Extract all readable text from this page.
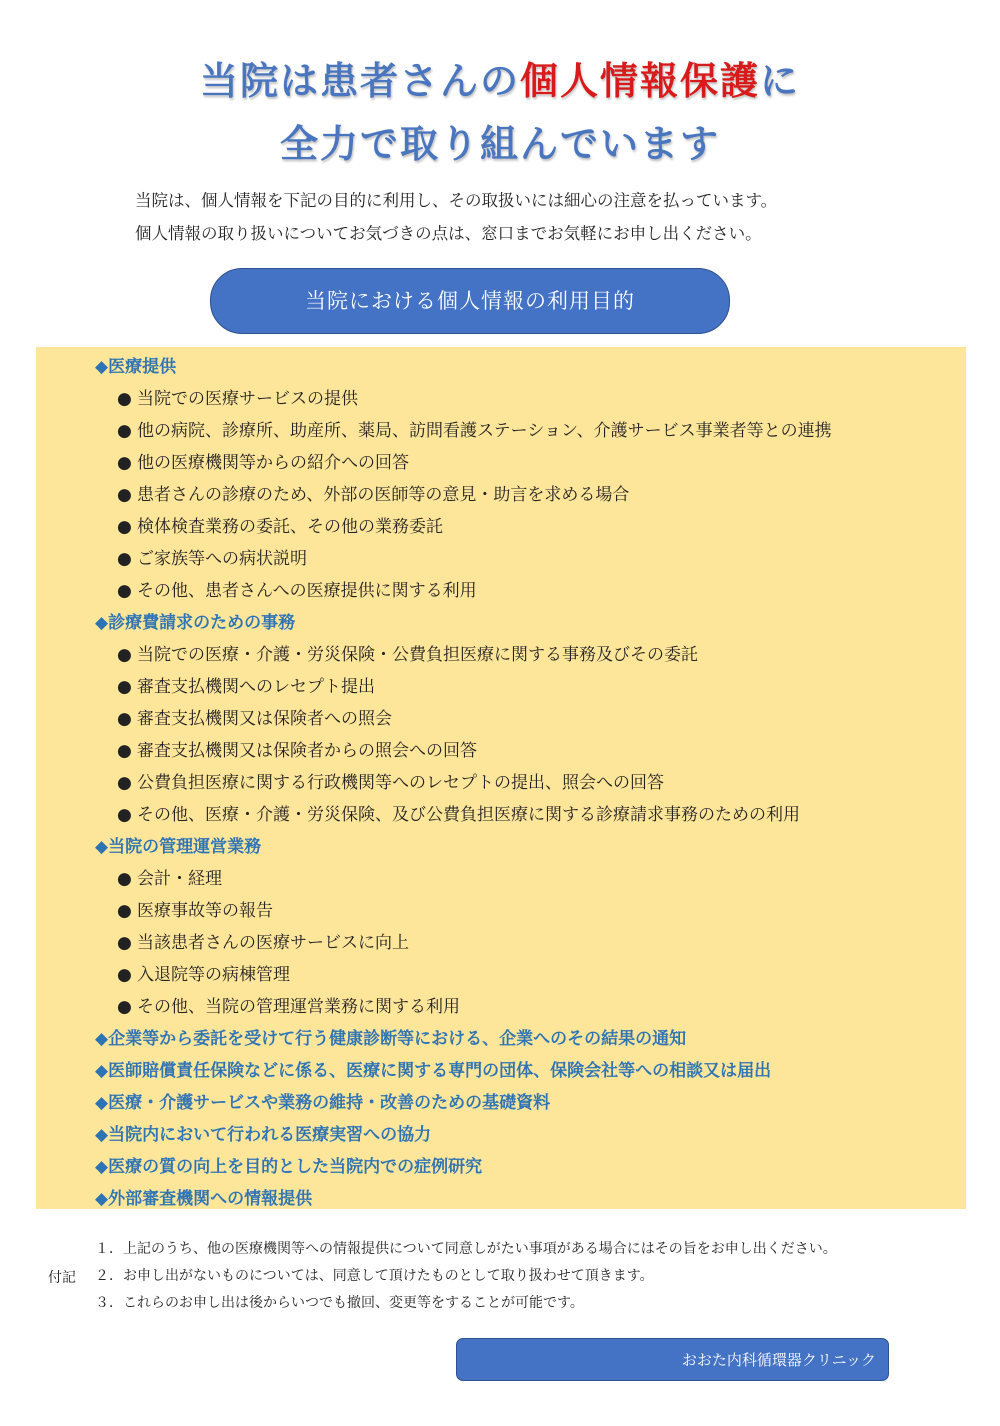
当院は患者さんの個人情報保護に
全力で取り組んでいます
当院は、個人情報を下記の目的に利用し、その取扱いには細心の注意を払っています。
個人情報の取り扱いについてお気づきの点は、窓口までお気軽にお申し出ください。
当院における個人情報の利用目的
◆医療提供
● 当院での医療サービスの提供
● 他の病院、診療所、助産所、薬局、訪問看護ステーション、介護サービス事業者等との連携
● 他の医療機関等からの紹介への回答
● 患者さんの診療のため、外部の医師等の意見・助言を求める場合
● 検体検査業務の委託、その他の業務委託
● ご家族等への病状説明
● その他、患者さんへの医療提供に関する利用
◆診療費請求のための事務
● 当院での医療・介護・労災保険・公費負担医療に関する事務及びその委託
● 審査支払機関へのレセプト提出
● 審査支払機関又は保険者への照会
● 審査支払機関又は保険者からの照会への回答
● 公費負担医療に関する行政機関等へのレセプトの提出、照会への回答
● その他、医療・介護・労災保険、及び公費負担医療に関する診療請求事務のための利用
◆当院の管理運営業務
● 会計・経理
● 医療事故等の報告
● 当該患者さんの医療サービスに向上
● 入退院等の病棟管理
● その他、当院の管理運営業務に関する利用
◆企業等から委託を受けて行う健康診断等における、企業へのその結果の通知
◆医師賠償責任保険などに係る、医療に関する専門の団体、保険会社等への相談又は届出
◆医療・介護サービスや業務の維持・改善のための基礎資料
◆当院内において行われる医療実習への協力
◆医療の質の向上を目的とした当院内での症例研究
◆外部審査機関への情報提供
付記
１．上記のうち、他の医療機関等への情報提供について同意しがたい事項がある場合にはその旨をお申し出ください。
２．お申し出がないものについては、同意して頂けたものとして取り扱わせて頂きます。
３．これらのお申し出は後からいつでも撤回、変更等をすることが可能です。
おおた内科循環器クリニック
